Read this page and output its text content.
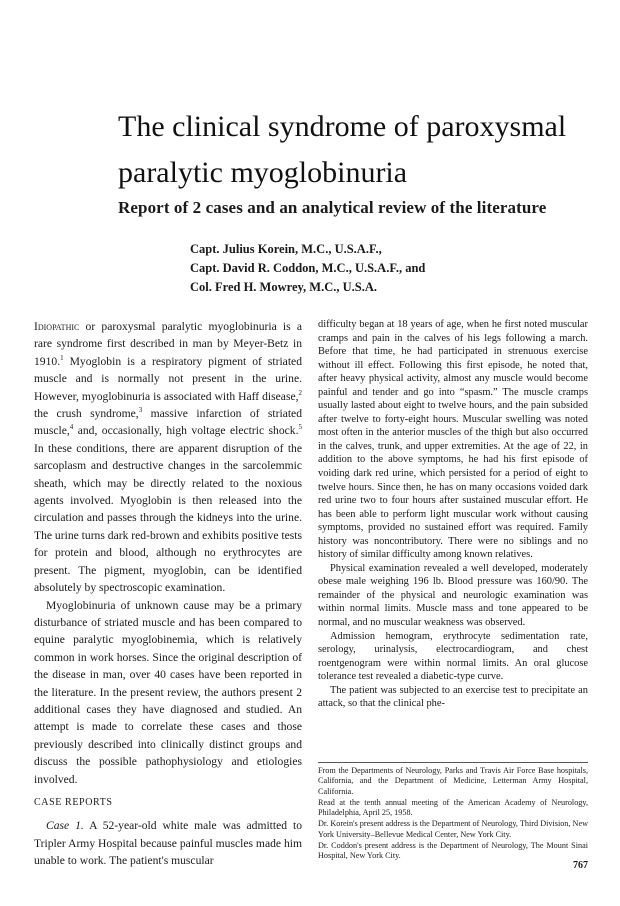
The clinical syndrome of paroxysmal paralytic myoglobinuria
Report of 2 cases and an analytical review of the literature
Capt. Julius Korein, M.C., U.S.A.F.,
Capt. David R. Coddon, M.C., U.S.A.F., and
Col. Fred H. Mowrey, M.C., U.S.A.

Idiopathic or paroxysmal paralytic myoglobinuria is a rare syndrome first described in man by Meyer-Betz in 1910.$^1$ Myoglobin is a respiratory pigment of striated muscle and is normally not present in the urine. However, myoglobinuria is associated with Haff disease,$^2$ the crush syndrome,$^3$ massive infarction of striated muscle,$^4$ and, occasionally, high voltage electric shock.$^5$ In these conditions, there are apparent disruption of the sarcoplasm and destructive changes in the sarcolemmic sheath, which may be directly related to the noxious agents involved. Myoglobin is then released into the circulation and passes through the kidneys into the urine. The urine turns dark red-brown and exhibits positive tests for protein and blood, although no erythrocytes are present. The pigment, myoglobin, can be identified absolutely by spectroscopic examination.

Myoglobinuria of unknown cause may be a primary disturbance of striated muscle and has been compared to equine paralytic myoglobinemia, which is relatively common in work horses. Since the original description of the disease in man, over 40 cases have been reported in the literature. In the present review, the authors present 2 additional cases they have diagnosed and studied. An attempt is made to correlate these cases and those previously described into clinically distinct groups and discuss the possible pathophysiology and etiologies involved.

CASE REPORTS

Case 1. A 52-year-old white male was admitted to Tripler Army Hospital because painful muscles made him unable to work. The patient's muscular

difficulty began at 18 years of age, when he first noted muscular cramps and pain in the calves of his legs following a march. Before that time, he had participated in strenuous exercise without ill effect. Following this first episode, he noted that, after heavy physical activity, almost any muscle would become painful and tender and go into “spasm.” The muscle cramps usually lasted about eight to twelve hours, and the pain subsided after twelve to forty-eight hours. Muscular swelling was noted most often in the anterior muscles of the thigh but also occurred in the calves, trunk, and upper extremities. At the age of 22, in addition to the above symptoms, he had his first episode of voiding dark red urine, which persisted for a period of eight to twelve hours. Since then, he has on many occasions voided dark red urine two to four hours after sustained muscular effort. He has been able to perform light muscular work without causing symptoms, provided no sustained effort was required. Family history was noncontributory. There were no siblings and no history of similar difficulty among known relatives.

Physical examination revealed a well developed, moderately obese male weighing 196 lb. Blood pressure was 160/90. The remainder of the physical and neurologic examination was within normal limits. Muscle mass and tone appeared to be normal, and no muscular weakness was observed.

Admission hemogram, erythrocyte sedimentation rate, serology, urinalysis, electrocardiogram, and chest roentgenogram were within normal limits. An oral glucose tolerance test revealed a diabetic-type curve.

The patient was subjected to an exercise test to precipitate an attack, so that the clinical phe-

From the Departments of Neurology, Parks and Travis Air Force Base hospitals, California, and the Department of Medicine, Letterman Army Hospital, California.

Read at the tenth annual meeting of the American Academy of Neurology, Philadelphia, April 25, 1958.

Dr. Korein's present address is the Department of Neurology, Third Division, New York University–Bellevue Medical Center, New York City.

Dr. Coddon's present address is the Department of Neurology, The Mount Sinai Hospital, New York City.

767
